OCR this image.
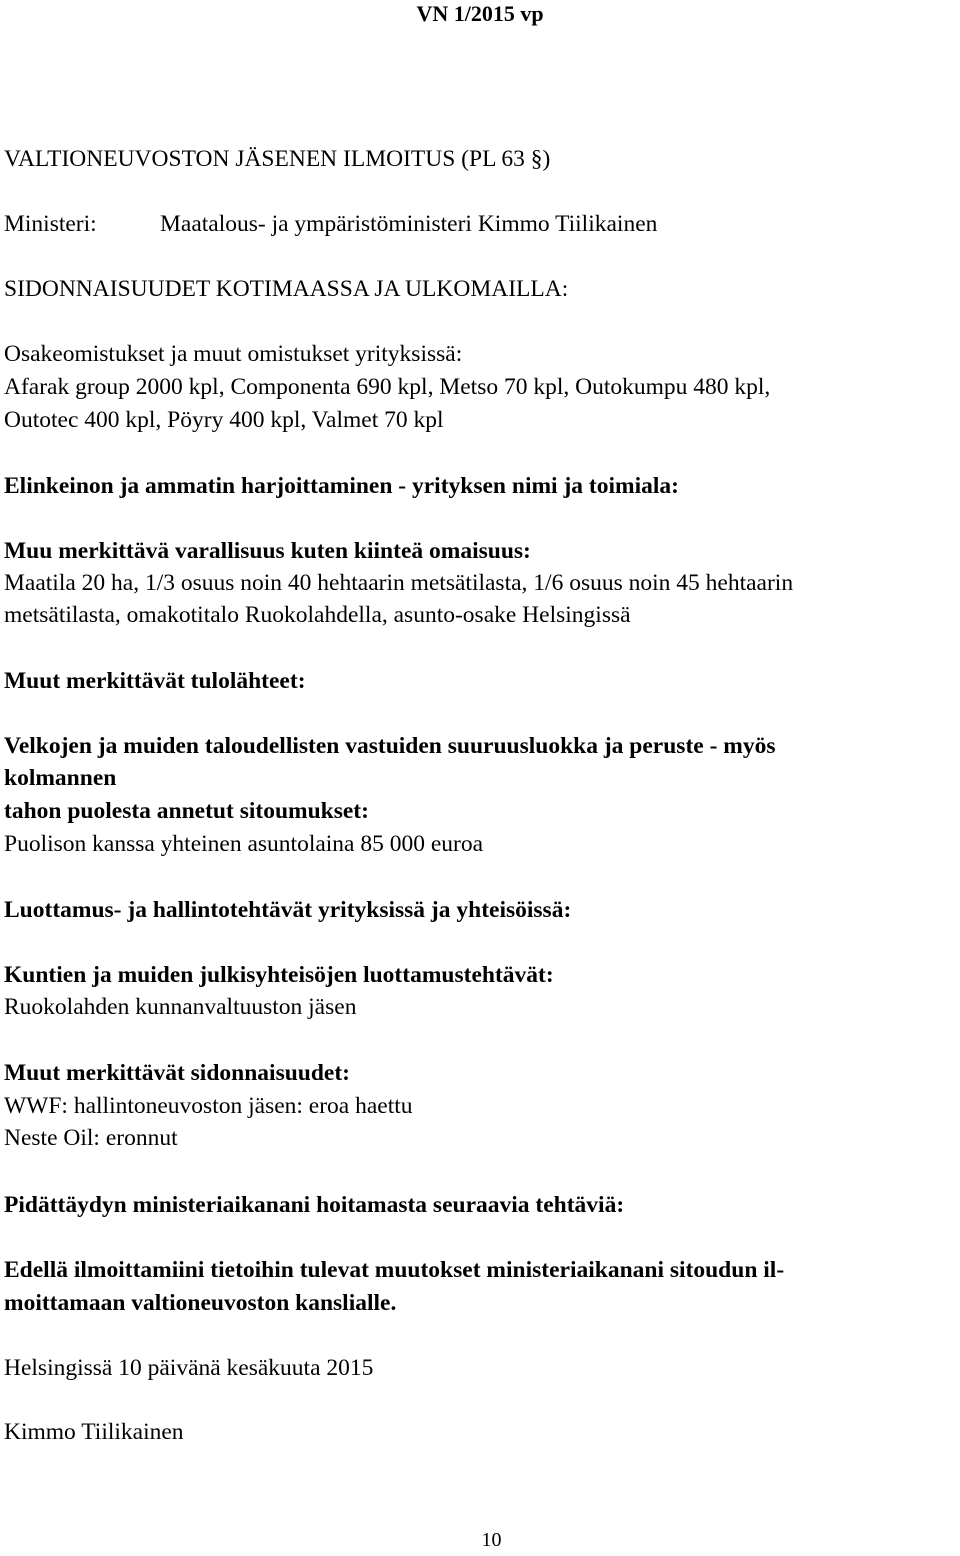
VN 1/2015 vp

VALTIONEUVOSTON JÄSENEN ILMOITUS (PL 63 §)

Ministeri:	Maatalous- ja ympäristöministeri Kimmo Tiilikainen

SIDONNAISUUDET KOTIMAASSA JA ULKOMAILLA:

Osakeomistukset ja muut omistukset yrityksissä:

Afarak group 2000 kpl, Componenta 690 kpl, Metso 70 kpl, Outokumpu 480 kpl,

Outotec 400 kpl, Pöyry 400 kpl, Valmet 70 kpl

Elinkeinon ja ammatin harjoittaminen - yrityksen nimi ja toimiala:

Muu merkittävä varallisuus kuten kiinteä omaisuus:

Maatila 20 ha, 1/3 osuus noin 40 hehtaarin metsätilasta, 1/6 osuus noin 45 hehtaarin

metsätilasta, omakotitalo Ruokolahdella, asunto-osake Helsingissä

Muut merkittävät tulolähteet:

Velkojen ja muiden taloudellisten vastuiden suuruusluokka ja peruste - myös

kolmannen

tahon puolesta annetut sitoumukset:

Puolison kanssa yhteinen asuntolaina 85 000 euroa

Luottamus- ja hallintotehtävät yrityksissä ja yhteisöissä:

Kuntien ja muiden julkisyhteisöjen luottamustehtävät:

Ruokolahden kunnanvaltuuston jäsen

Muut merkittävät sidonnaisuudet:

WWF: hallintoneuvoston jäsen: eroa haettu

Neste Oil: eronnut

Pidättäydyn ministeriaikanani hoitamasta seuraavia tehtäviä:

Edellä ilmoittamiini tietoihin tulevat muutokset ministeriaikanani sitoudun il-

moittamaan valtioneuvoston kanslialle.

Helsingissä 10 päivänä kesäkuuta 2015

Kimmo Tiilikainen

10
